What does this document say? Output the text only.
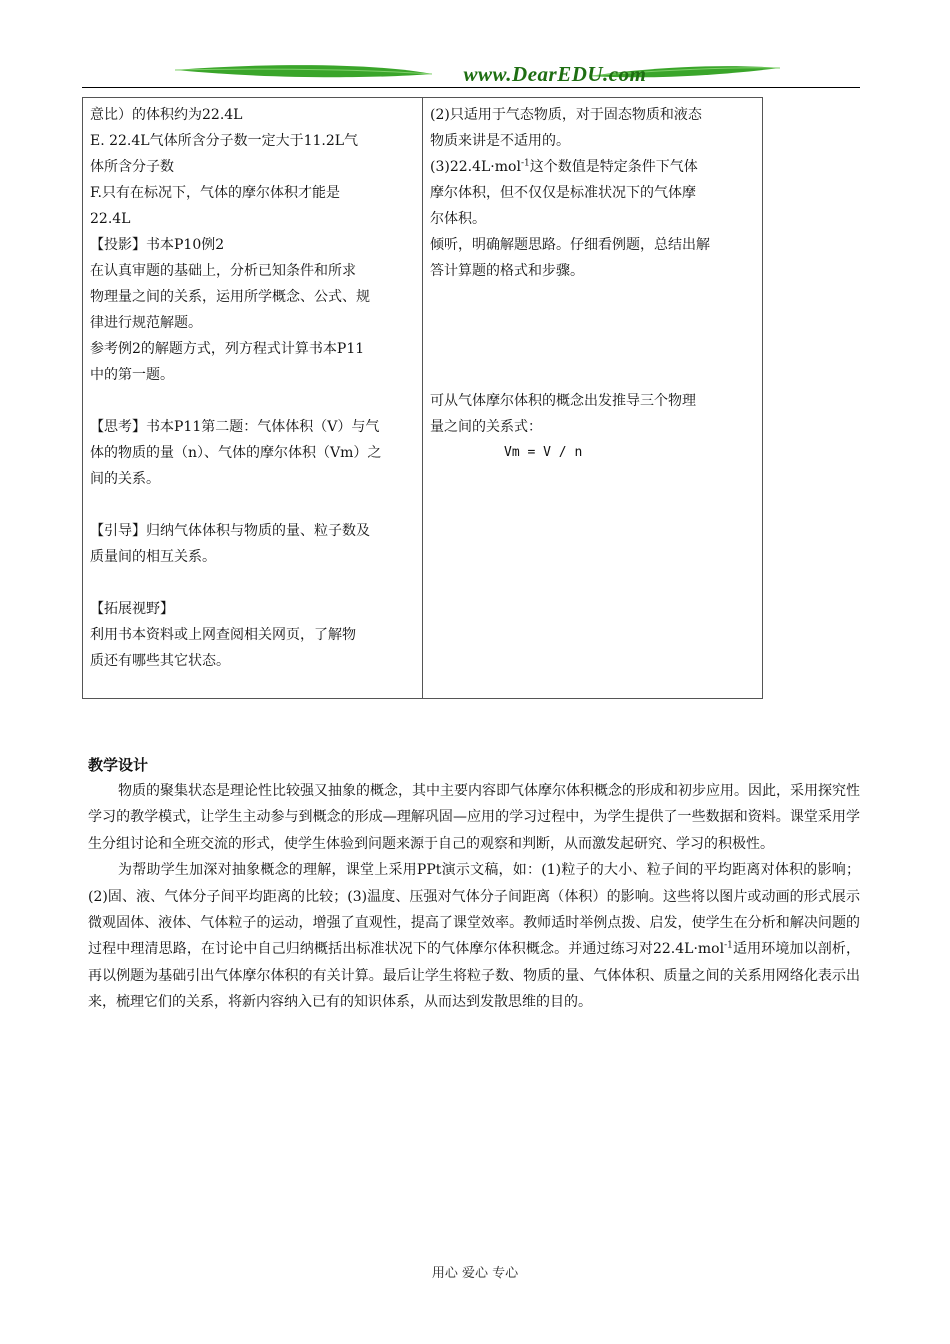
www.DearEDU.com
意比）的体积约为22.4L
E. 22.4L气体所含分子数一定大于11.2L气
体所含分子数
F.只有在标况下，气体的摩尔体积才能是
22.4L
【投影】书本P10例2
在认真审题的基础上，分析已知条件和所求
物理量之间的关系，运用所学概念、公式、规
律进行规范解题。
参考例2的解题方式，列方程式计算书本P11
中的第一题。
【思考】书本P11第二题：气体体积（V）与气
体的物质的量（n）、气体的摩尔体积（Vm）之
间的关系。
【引导】归纳气体体积与物质的量、粒子数及
质量间的相互关系。
【拓展视野】
利用书本资料或上网查阅相关网页，了解物
质还有哪些其它状态。

(2)只适用于气态物质，对于固态物质和液态
物质来讲是不适用的。
(3)22.4L·mol$^{-1}$这个数值是特定条件下气体
摩尔体积，但不仅仅是标准状况下的气体摩
尔体积。
倾听，明确解题思路。仔细看例题，总结出解
答计算题的格式和步骤。
可从气体摩尔体积的概念出发推导三个物理
量之间的关系式：
Vm = V / n
教学设计

物质的聚集状态是理论性比较强又抽象的概念，其中主要内容即气体摩尔体积概念的形成和初步应用。因此，采用探究性学习的教学模式，让学生主动参与到概念的形成—理解巩固—应用的学习过程中，为学生提供了一些数据和资料。课堂采用学生分组讨论和全班交流的形式，使学生体验到问题来源于自己的观察和判断，从而激发起研究、学习的积极性。

为帮助学生加深对抽象概念的理解，课堂上采用PPt演示文稿，如：(1)粒子的大小、粒子间的平均距离对体积的影响；(2)固、液、气体分子间平均距离的比较；(3)温度、压强对气体分子间距离（体积）的影响。这些将以图片或动画的形式展示微观固体、液体、气体粒子的运动，增强了直观性，提高了课堂效率。教师适时举例点拨、启发，使学生在分析和解决问题的过程中理清思路，在讨论中自己归纳概括出标准状况下的气体摩尔体积概念。并通过练习对22.4L·mol$^{-1}$适用环境加以剖析，再以例题为基础引出气体摩尔体积的有关计算。最后让学生将粒子数、物质的量、气体体积、质量之间的关系用网络化表示出来，梳理它们的关系，将新内容纳入已有的知识体系，从而达到发散思维的目的。

用心 爱心 专心
